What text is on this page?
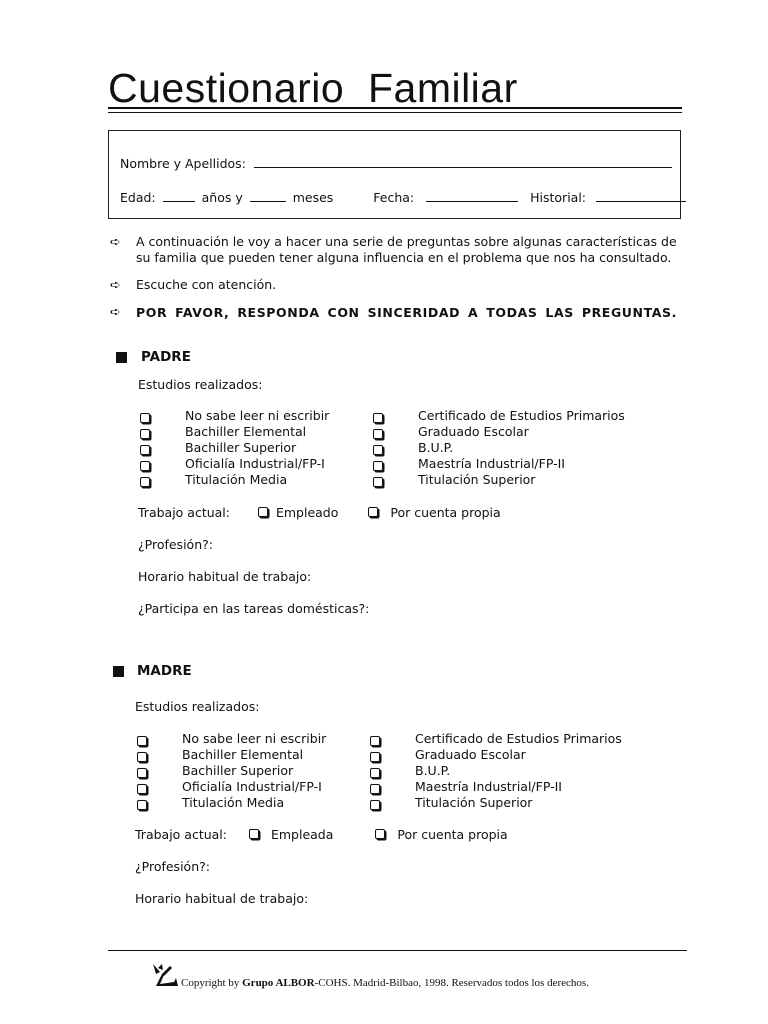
Cuestionario  Familiar
Nombre y Apellidos:
Edad:	años y	meses	Fecha:	Historial:
➪ A continuación le voy a hacer una serie de preguntas sobre algunas características de su familia que pueden tener alguna influencia en el problema que nos ha consultado.
➪ Escuche con atención.
➪ POR FAVOR, RESPONDA CON SINCERIDAD A TODAS LAS PREGUNTAS.
PADRE
Estudios realizados:
No sabe leer ni escribir
Bachiller Elemental
Bachiller Superior
Oficialía Industrial/FP-I
Titulación Media
Certificado de Estudios Primarios
Graduado Escolar
B.U.P.
Maestría Industrial/FP-II
Titulación Superior
Trabajo actual:	Empleado	Por cuenta propia
¿Profesión?:
Horario habitual de trabajo:
¿Participa en las tareas domésticas?:
MADRE
Estudios realizados:
No sabe leer ni escribir
Bachiller Elemental
Bachiller Superior
Oficialía Industrial/FP-I
Titulación Media
Certificado de Estudios Primarios
Graduado Escolar
B.U.P.
Maestría Industrial/FP-II
Titulación Superior
Trabajo actual:	Empleada	Por cuenta propia
¿Profesión?:
Horario habitual de trabajo:
Copyright by Grupo ALBOR-COHS. Madrid-Bilbao, 1998. Reservados todos los derechos.
